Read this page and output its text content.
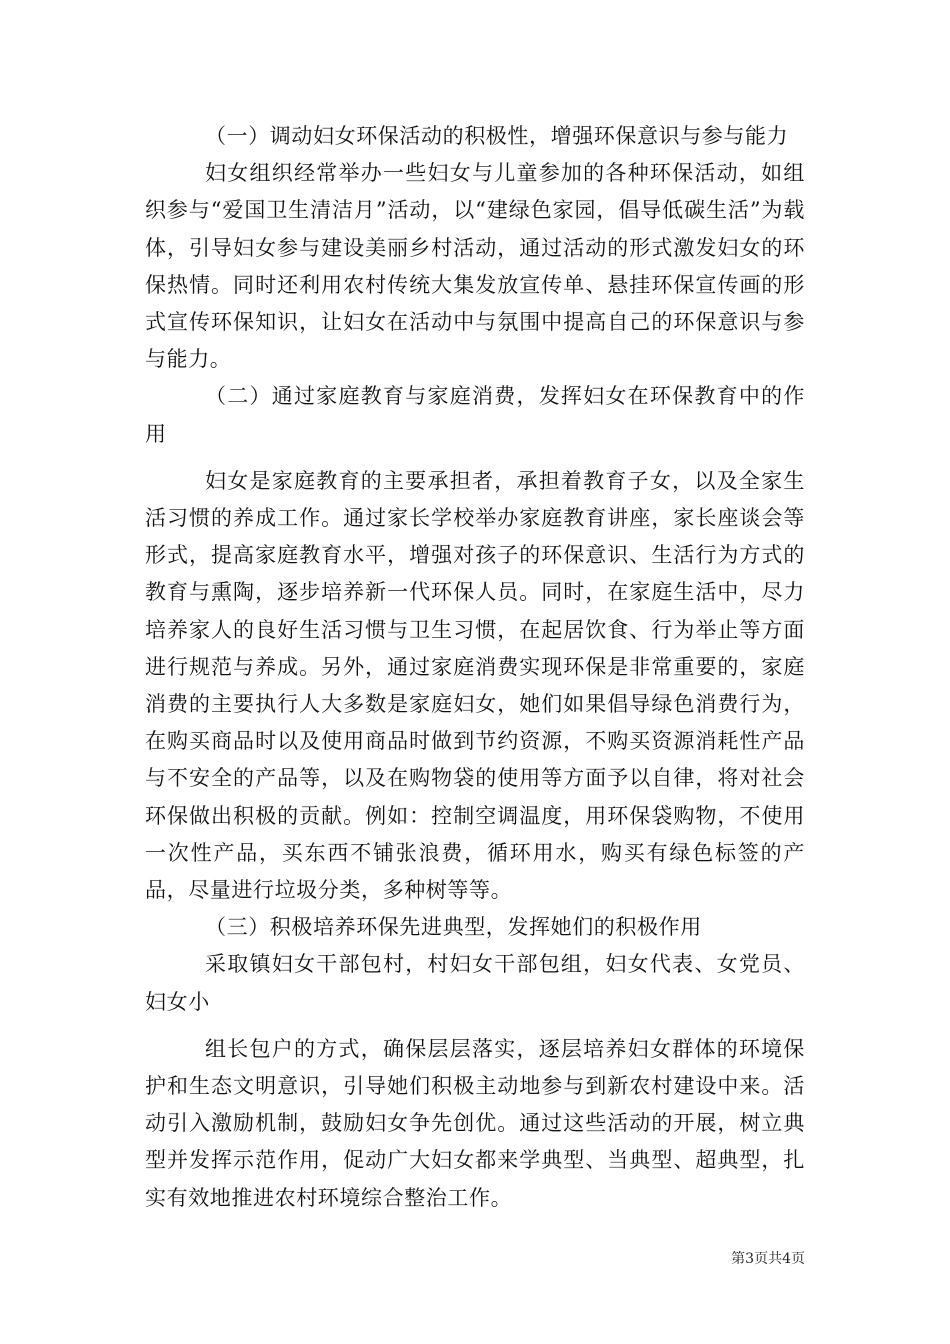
（一）调动妇女环保活动的积极性，增强环保意识与参与能力

妇女组织经常举办一些妇女与儿童参加的各种环保活动，如组织参与“爱国卫生清洁月”活动，以“建绿色家园，倡导低碳生活”为载体，引导妇女参与建设美丽乡村活动，通过活动的形式激发妇女的环保热情。同时还利用农村传统大集发放宣传单、悬挂环保宣传画的形式宣传环保知识，让妇女在活动中与氛围中提高自己的环保意识与参与能力。

（二）通过家庭教育与家庭消费，发挥妇女在环保教育中的作用

妇女是家庭教育的主要承担者，承担着教育子女，以及全家生活习惯的养成工作。通过家长学校举办家庭教育讲座，家长座谈会等形式，提高家庭教育水平，增强对孩子的环保意识、生活行为方式的教育与熏陶，逐步培养新一代环保人员。同时，在家庭生活中，尽力培养家人的良好生活习惯与卫生习惯，在起居饮食、行为举止等方面进行规范与养成。另外，通过家庭消费实现环保是非常重要的，家庭消费的主要执行人大多数是家庭妇女，她们如果倡导绿色消费行为，在购买商品时以及使用商品时做到节约资源，不购买资源消耗性产品与不安全的产品等，以及在购物袋的使用等方面予以自律，将对社会环保做出积极的贡献。例如：控制空调温度，用环保袋购物，不使用一次性产品，买东西不铺张浪费，循环用水，购买有绿色标签的产品，尽量进行垃圾分类，多种树等等。

（三）积极培养环保先进典型，发挥她们的积极作用

采取镇妇女干部包村，村妇女干部包组，妇女代表、女党员、妇女小

组长包户的方式，确保层层落实，逐层培养妇女群体的环境保护和生态文明意识，引导她们积极主动地参与到新农村建设中来。活动引入激励机制，鼓励妇女争先创优。通过这些活动的开展，树立典型并发挥示范作用，促动广大妇女都来学典型、当典型、超典型，扎实有效地推进农村环境综合整治工作。

第3页共4页
